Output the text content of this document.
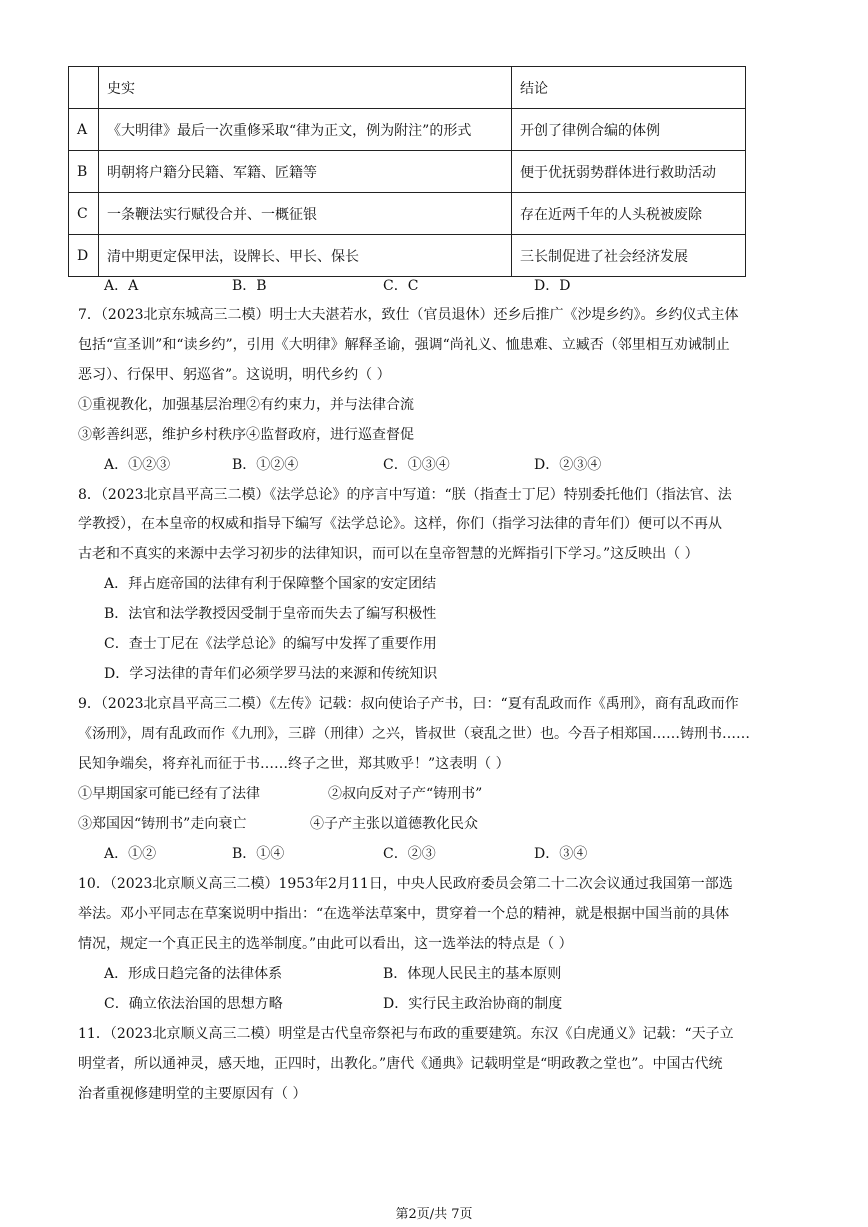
	史实	结论
A	《大明律》最后一次重修采取“律为正文，例为附注”的形式	开创了律例合编的体例
B	明朝将户籍分民籍、军籍、匠籍等	便于优抚弱势群体进行救助活动
C	一条鞭法实行赋役合并、一概征银	存在近两千年的人头税被废除
D	清中期更定保甲法，设牌长、甲长、保长	三长制促进了社会经济发展
A．A	B．B	C．C	D．D
7．（2023北京东城高三二模）明士大夫湛若水，致仕（官员退休）还乡后推广《沙堤乡约》。乡约仪式主体
包括“宣圣训”和“读乡约”，引用《大明律》解释圣谕，强调“尚礼义、恤患难、立臧否（邻里相互劝诫制止
恶习）、行保甲、躬巡省”。这说明，明代乡约（ ）
①重视教化，加强基层治理②有约束力，并与法律合流
③彰善纠恶，维护乡村秩序④监督政府，进行巡查督促
A．①②③	B．①②④	C．①③④	D．②③④
8．（2023北京昌平高三二模）《法学总论》的序言中写道：“朕（指查士丁尼）特别委托他们（指法官、法
学教授），在本皇帝的权威和指导下编写《法学总论》。这样，你们（指学习法律的青年们）便可以不再从
古老和不真实的来源中去学习初步的法律知识，而可以在皇帝智慧的光辉指引下学习。”这反映出（ ）
A．拜占庭帝国的法律有利于保障整个国家的安定团结
B．法官和法学教授因受制于皇帝而失去了编写积极性
C．查士丁尼在《法学总论》的编写中发挥了重要作用
D．学习法律的青年们必须学罗马法的来源和传统知识
9．（2023北京昌平高三二模）《左传》记载：叔向使诒子产书，曰：“夏有乱政而作《禹刑》，商有乱政而作
《汤刑》，周有乱政而作《九刑》，三辟（刑律）之兴，皆叔世（衰乱之世）也。今吾子相郑国……铸刑书……
民知争端矣，将弃礼而征于书……终子之世，郑其败乎！”这表明（ ）
①早期国家可能已经有了法律	②叔向反对子产“铸刑书”
③郑国因“铸刑书”走向衰亡	④子产主张以道德教化民众
A．①②	B．①④	C．②③	D．③④
10．（2023北京顺义高三二模）1953年2月11日，中央人民政府委员会第二十二次会议通过我国第一部选
举法。邓小平同志在草案说明中指出：“在选举法草案中，贯穿着一个总的精神，就是根据中国当前的具体
情况，规定一个真正民主的选举制度。”由此可以看出，这一选举法的特点是（ ）
A．形成日趋完备的法律体系	B．体现人民民主的基本原则
C．确立依法治国的思想方略	D．实行民主政治协商的制度
11．（2023北京顺义高三二模）明堂是古代皇帝祭祀与布政的重要建筑。东汉《白虎通义》记载：“天子立
明堂者，所以通神灵，感天地，正四时，出教化。”唐代《通典》记载明堂是“明政教之堂也”。中国古代统
治者重视修建明堂的主要原因有（ ）
第2页/共 7页
